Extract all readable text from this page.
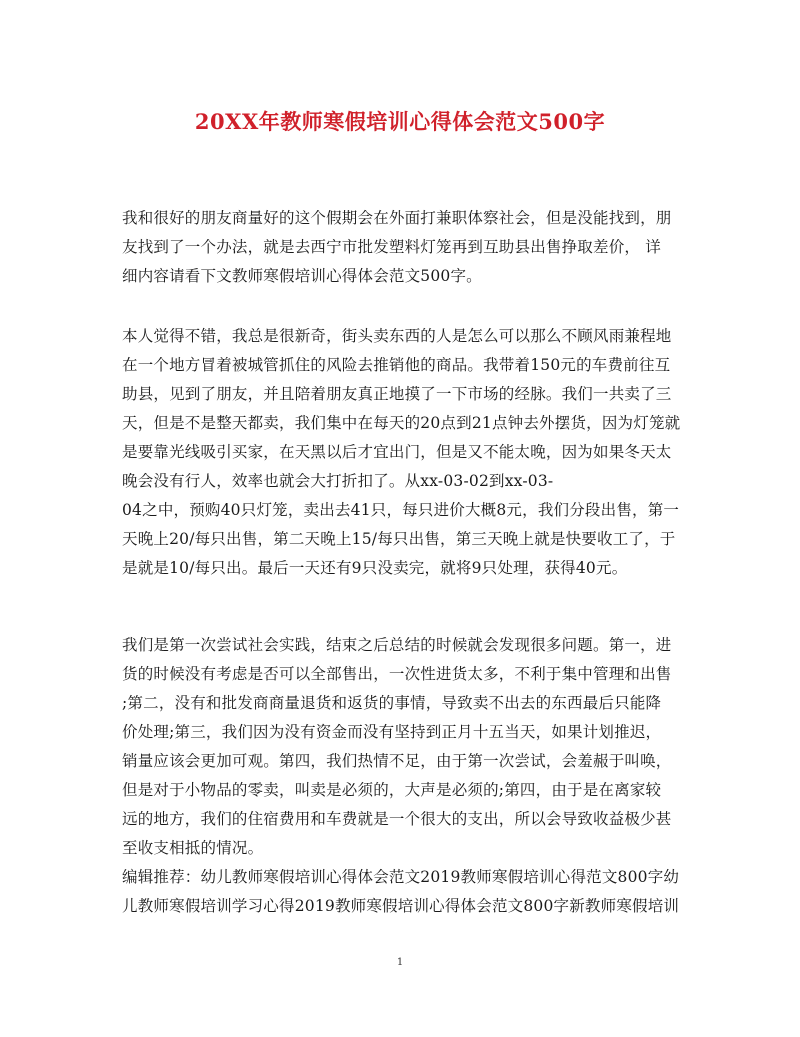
20XX年教师寒假培训心得体会范文500字
我和很好的朋友商量好的这个假期会在外面打兼职体察社会，但是没能找到，朋
友找到了一个办法，就是去西宁市批发塑料灯笼再到互助县出售挣取差价， 详
细内容请看下文教师寒假培训心得体会范文500字。
本人觉得不错，我总是很新奇，街头卖东西的人是怎么可以那么不顾风雨兼程地
在一个地方冒着被城管抓住的风险去推销他的商品。我带着150元的车费前往互
助县，见到了朋友，并且陪着朋友真正地摸了一下市场的经脉。我们一共卖了三
天，但是不是整天都卖，我们集中在每天的20点到21点钟去外摆货，因为灯笼就
是要靠光线吸引买家，在天黑以后才宜出门，但是又不能太晚，因为如果冬天太
晚会没有行人，效率也就会大打折扣了。从xx-03-02到xx-03-
04之中，预购40只灯笼，卖出去41只，每只进价大概8元，我们分段出售，第一
天晚上20/每只出售，第二天晚上15/每只出售，第三天晚上就是快要收工了，于
是就是10/每只出。最后一天还有9只没卖完，就将9只处理，获得40元。
我们是第一次尝试社会实践，结束之后总结的时候就会发现很多问题。第一，进
货的时候没有考虑是否可以全部售出，一次性进货太多，不利于集中管理和出售
;第二，没有和批发商商量退货和返货的事情，导致卖不出去的东西最后只能降
价处理;第三，我们因为没有资金而没有坚持到正月十五当天，如果计划推迟，
销量应该会更加可观。第四，我们热情不足，由于第一次尝试，会羞赧于叫唤，
但是对于小物品的零卖，叫卖是必须的，大声是必须的;第四，由于是在离家较
远的地方，我们的住宿费用和车费就是一个很大的支出，所以会导致收益极少甚
至收支相抵的情况。
编辑推荐：幼儿教师寒假培训心得体会范文2019教师寒假培训心得范文800字幼
儿教师寒假培训学习心得2019教师寒假培训心得体会范文800字新教师寒假培训
1
